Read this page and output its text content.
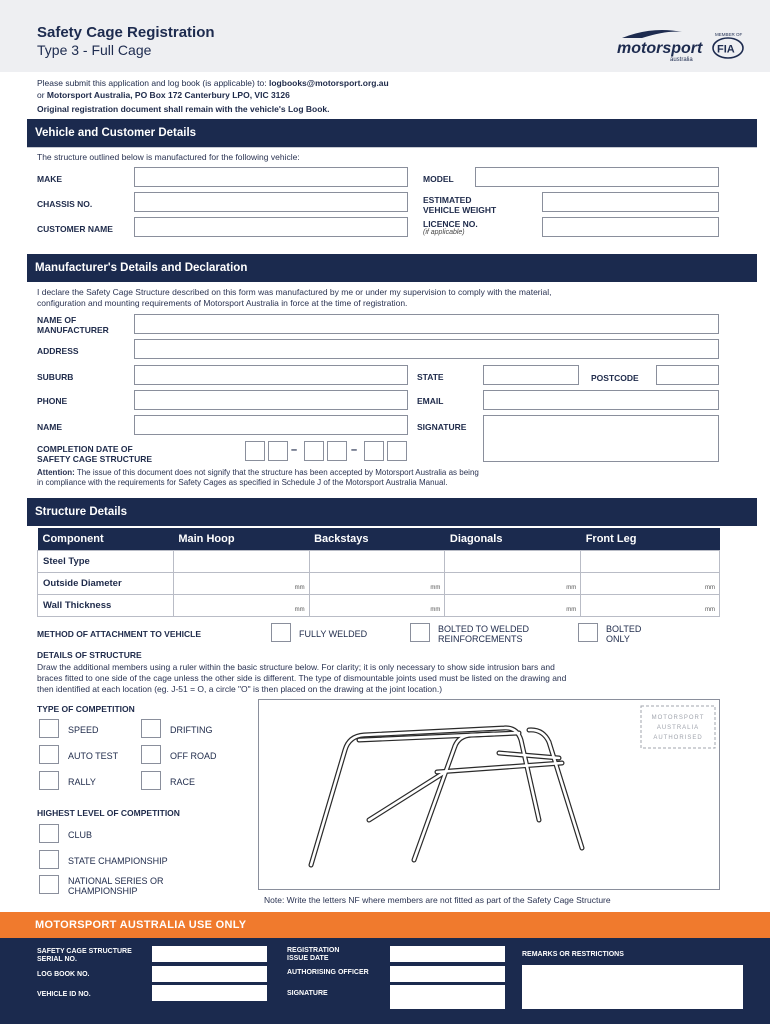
Safety Cage Registration
Type 3 - Full Cage	motorsport
australia
MEMBER OF
FIA
Please submit this application and log book (is applicable) to: logbooks@motorsport.org.au
or Motorsport Australia, PO Box 172 Canterbury LPO, VIC 3126
Original registration document shall remain with the vehicle's Log Book.
Vehicle and Customer Details
The structure outlined below is manufactured for the following vehicle:
MAKE	MODEL
CHASSIS NO.	ESTIMATED
VEHICLE WEIGHT
CUSTOMER NAME	LICENCE NO.
(if applicable)
Manufacturer's Details and Declaration
I declare the Safety Cage Structure described on this form was manufactured by me or under my supervision to comply with the material,
configuration and mounting requirements of Motorsport Australia in force at the time of registration.
NAME OF
MANUFACTURER
ADDRESS
SUBURB	STATE	POSTCODE
PHONE	EMAIL
NAME	SIGNATURE
COMPLETION DATE OF
SAFETY CAGE STRUCTURE
–	–
Attention: The issue of this document does not signify that the structure has been accepted by Motorsport Australia as being
in compliance with the requirements for Safety Cages as specified in Schedule J of the Motorsport Australia Manual.
Structure Details
Component	Main Hoop	Backstays	Diagonals	Front Leg
Steel Type				
Outside Diameter	mm	mm	mm	mm
Wall Thickness	mm	mm	mm	mm
METHOD OF ATTACHMENT TO VEHICLE	FULLY WELDED	BOLTED TO WELDED
REINFORCEMENTS
BOLTED
ONLY
DETAILS OF STRUCTURE
Draw the additional members using a ruler within the basic structure below. For clarity; it is only necessary to show side intrusion bars and
braces fitted to one side of the cage unless the other side is different. The type of dismountable joints used must be listed on the drawing and
then identified at each location (eg. J-51 = O, a circle "O" is then placed on the drawing at the joint location.)
TYPE OF COMPETITION
SPEED	DRIFTING
AUTO TEST	OFF ROAD
RALLY	RACE
HIGHEST LEVEL OF COMPETITION
CLUB
STATE CHAMPIONSHIP
NATIONAL SERIES OR
CHAMPIONSHIP
MOTORSPORT
AUSTRALIA
AUTHORISED
Note: Write the letters NF where members are not fitted as part of the Safety Cage Structure
MOTORSPORT AUSTRALIA USE ONLY
SAFETY CAGE STRUCTURE
SERIAL NO.
LOG BOOK NO.
VEHICLE ID NO.
REGISTRATION
ISSUE DATE
AUTHORISING OFFICER
SIGNATURE
REMARKS OR RESTRICTIONS
